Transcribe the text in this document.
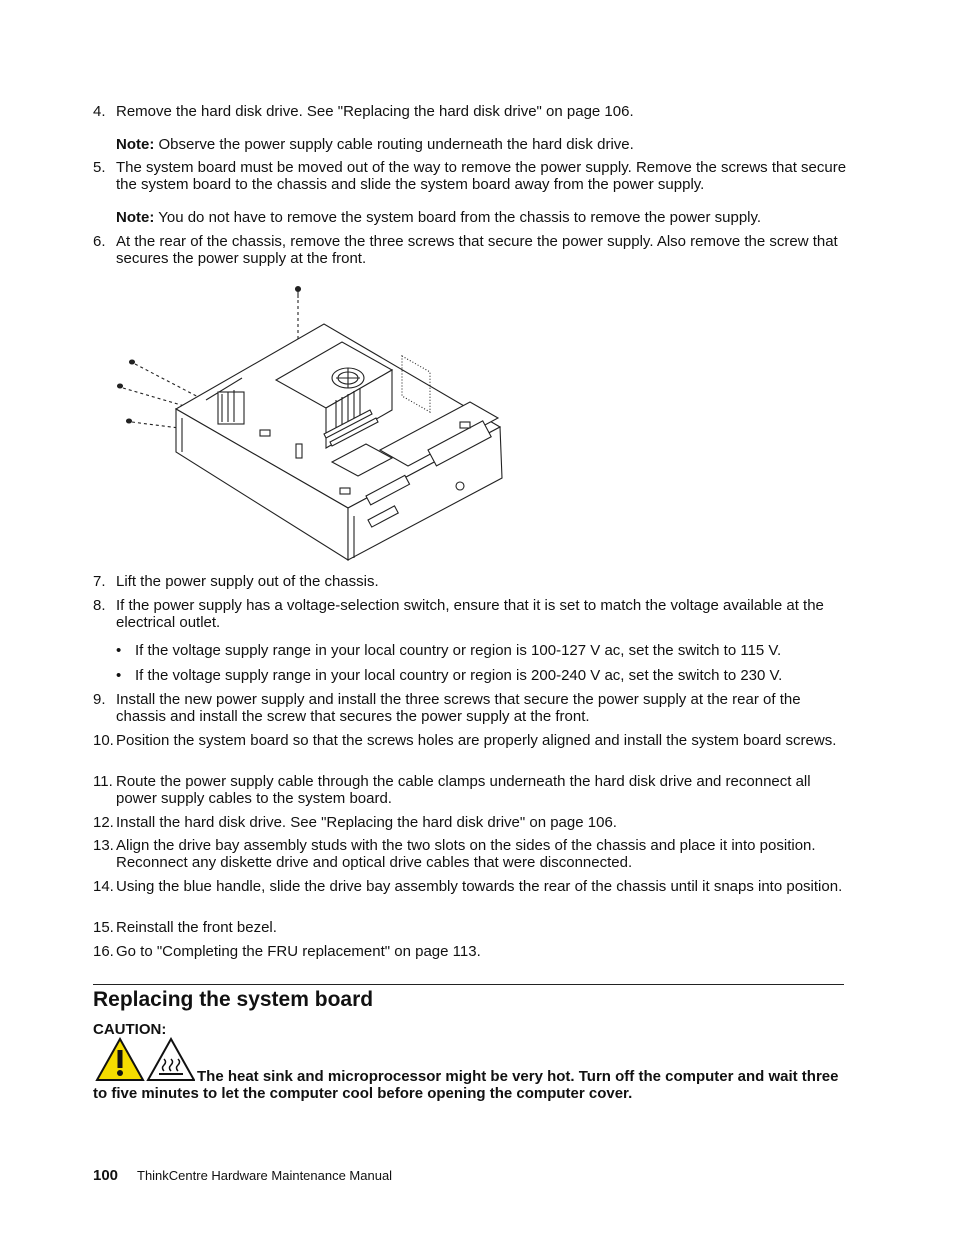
4. Remove the hard disk drive. See "Replacing the hard disk drive" on page 106.
Note: Observe the power supply cable routing underneath the hard disk drive.
5. The system board must be moved out of the way to remove the power supply. Remove the screws that secure the system board to the chassis and slide the system board away from the power supply.
Note: You do not have to remove the system board from the chassis to remove the power supply.
6. At the rear of the chassis, remove the three screws that secure the power supply. Also remove the screw that secures the power supply at the front.
7. Lift the power supply out of the chassis.
8. If the power supply has a voltage-selection switch, ensure that it is set to match the voltage available at the electrical outlet.
• If the voltage supply range in your local country or region is 100-127 V ac, set the switch to 115 V.
• If the voltage supply range in your local country or region is 200-240 V ac, set the switch to 230 V.
9. Install the new power supply and install the three screws that secure the power supply at the rear of the chassis and install the screw that secures the power supply at the front.
10. Position the system board so that the screws holes are properly aligned and install the system board screws.
11. Route the power supply cable through the cable clamps underneath the hard disk drive and reconnect all power supply cables to the system board.
12. Install the hard disk drive. See "Replacing the hard disk drive" on page 106.
13. Align the drive bay assembly studs with the two slots on the sides of the chassis and place it into position. Reconnect any diskette drive and optical drive cables that were disconnected.
14. Using the blue handle, slide the drive bay assembly towards the rear of the chassis until it snaps into position.
15. Reinstall the front bezel.
16. Go to "Completing the FRU replacement" on page 113.
Replacing the system board
CAUTION:
The heat sink and microprocessor might be very hot. Turn off the computer and wait three to five minutes to let the computer cool before opening the computer cover.
100 ThinkCentre Hardware Maintenance Manual
